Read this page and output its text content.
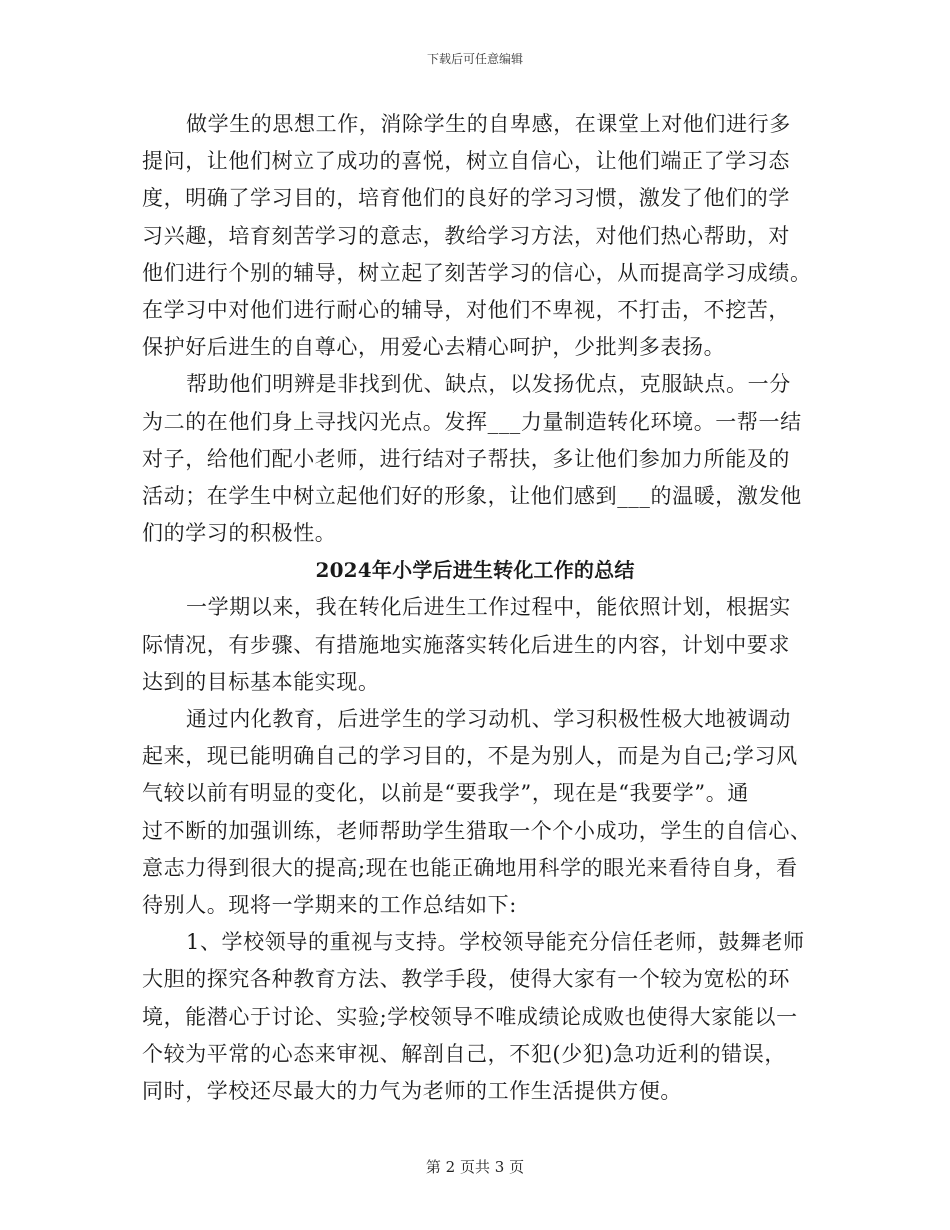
下载后可任意编辑
做学生的思想工作，消除学生的自卑感，在课堂上对他们进行多
提问，让他们树立了成功的喜悦，树立自信心，让他们端正了学习态
度，明确了学习目的，培育他们的良好的学习习惯，激发了他们的学
习兴趣，培育刻苦学习的意志，教给学习方法，对他们热心帮助，对
他们进行个别的辅导，树立起了刻苦学习的信心，从而提高学习成绩。
在学习中对他们进行耐心的辅导，对他们不卑视，不打击，不挖苦，
保护好后进生的自尊心，用爱心去精心呵护，少批判多表扬。
帮助他们明辨是非找到优、缺点，以发扬优点，克服缺点。一分
为二的在他们身上寻找闪光点。发挥___力量制造转化环境。一帮一结
对子，给他们配小老师，进行结对子帮扶，多让他们参加力所能及的
活动；在学生中树立起他们好的形象，让他们感到___的温暖，激发他
们的学习的积极性。
2024年小学后进生转化工作的总结
一学期以来，我在转化后进生工作过程中，能依照计划，根据实
际情况，有步骤、有措施地实施落实转化后进生的内容，计划中要求
达到的目标基本能实现。
通过内化教育，后进学生的学习动机、学习积极性极大地被调动
起来，现已能明确自己的学习目的，不是为别人，而是为自己;学习风
气较以前有明显的变化，以前是“要我学”，现在是“我要学”。通
过不断的加强训练，老师帮助学生猎取一个个小成功，学生的自信心、
意志力得到很大的提高;现在也能正确地用科学的眼光来看待自身，看
待别人。现将一学期来的工作总结如下:
1、学校领导的重视与支持。学校领导能充分信任老师，鼓舞老师
大胆的探究各种教育方法、教学手段，使得大家有一个较为宽松的环
境，能潜心于讨论、实验;学校领导不唯成绩论成败也使得大家能以一
个较为平常的心态来审视、解剖自己，不犯(少犯)急功近利的错误，
同时，学校还尽最大的力气为老师的工作生活提供方便。
第 2 页共 3 页
